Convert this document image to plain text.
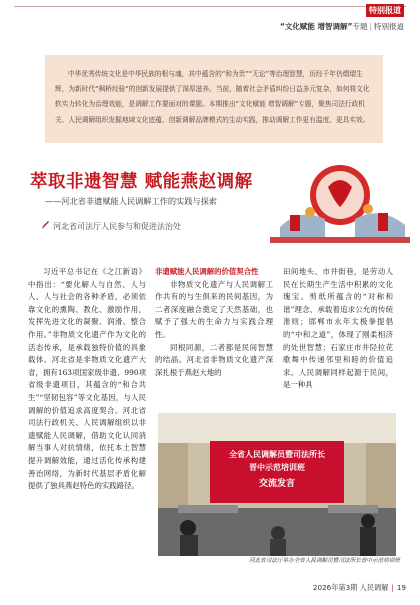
特别报道
“文化赋能 增智调解”专题 | 特别报道
中华优秀传统文化是中华民族的根与魂，其中蕴含的“和为贵”“无讼”等治理智慧，历经千年仍熠熠生辉，为新时代“枫桥经验”的创新发展提供了深厚滋养。当前，随着社会矛盾纠纷日益多元复杂，如何将文化软实力转化为治理效能，是调解工作要面对的课题。本期推出“文化赋能 增智调解”专题，聚焦司法行政机关、人民调解组织发掘地域文化底蕴、创新调解品牌模式的生动实践，推动调解工作更有温度、更具实效。
萃取非遗智慧 赋能燕赵调解
——河北省非遗赋能人民调解工作的实践与探索
河北省司法厅人民参与和促进法治处
习近平总书记在《之江新语》中指出：“要化解人与自然、人与人、人与社会的各种矛盾，必须依靠文化的熏陶、教化、激励作用，发挥先进文化的凝聚、润滑、整合作用。”非物质文化遗产作为文化的活态传承，是承载独特价值的具象载体。河北省是非物质文化遗产大省，拥有163项国家级非遗、990项省级非遗项目，其蕴含的“和合共生”“坚韧包容”等文化基因，与人民调解的价值追求高度契合。河北省司法行政机关、人民调解组织以非遗赋能人民调解，借助文化认同消解当事人对抗情绪，依托本土智慧提升调解效能，通过活化传承构建善治网络，为新时代基层矛盾化解提供了独具燕赵特色的实践路径。
非遗赋能人民调解的价值契合性

非物质文化遗产与人民调解工作共有的与生俱来的民间基因，为二者深度融合奠定了天然基础，也赋予了强大的生命力与实践合理性。

同根同源，二者都是民间智慧的结晶。河北省非物质文化遗产深深扎根于燕赵大地的

田间地头、市井街巷，是劳动人民在长期生产生活中积累的文化瑰宝。剪纸所蕴含的“对称和谐”理念、承载着追求公允的传统准则；邯郸市永年太极拳提倡的“中和之道”，体现了刚柔相济的处世智慧；石家庄市井陉拉花歌舞中传递邻里和睦的价值追求。人民调解同样起源于民间，是一种具

全省人民调解员暨司法所长
晋中示范培训班
交流发言
河北省司法厅举办全省人民调解员暨司法所长晋中示范培训班
2026年第3期 人民调解 | 19
